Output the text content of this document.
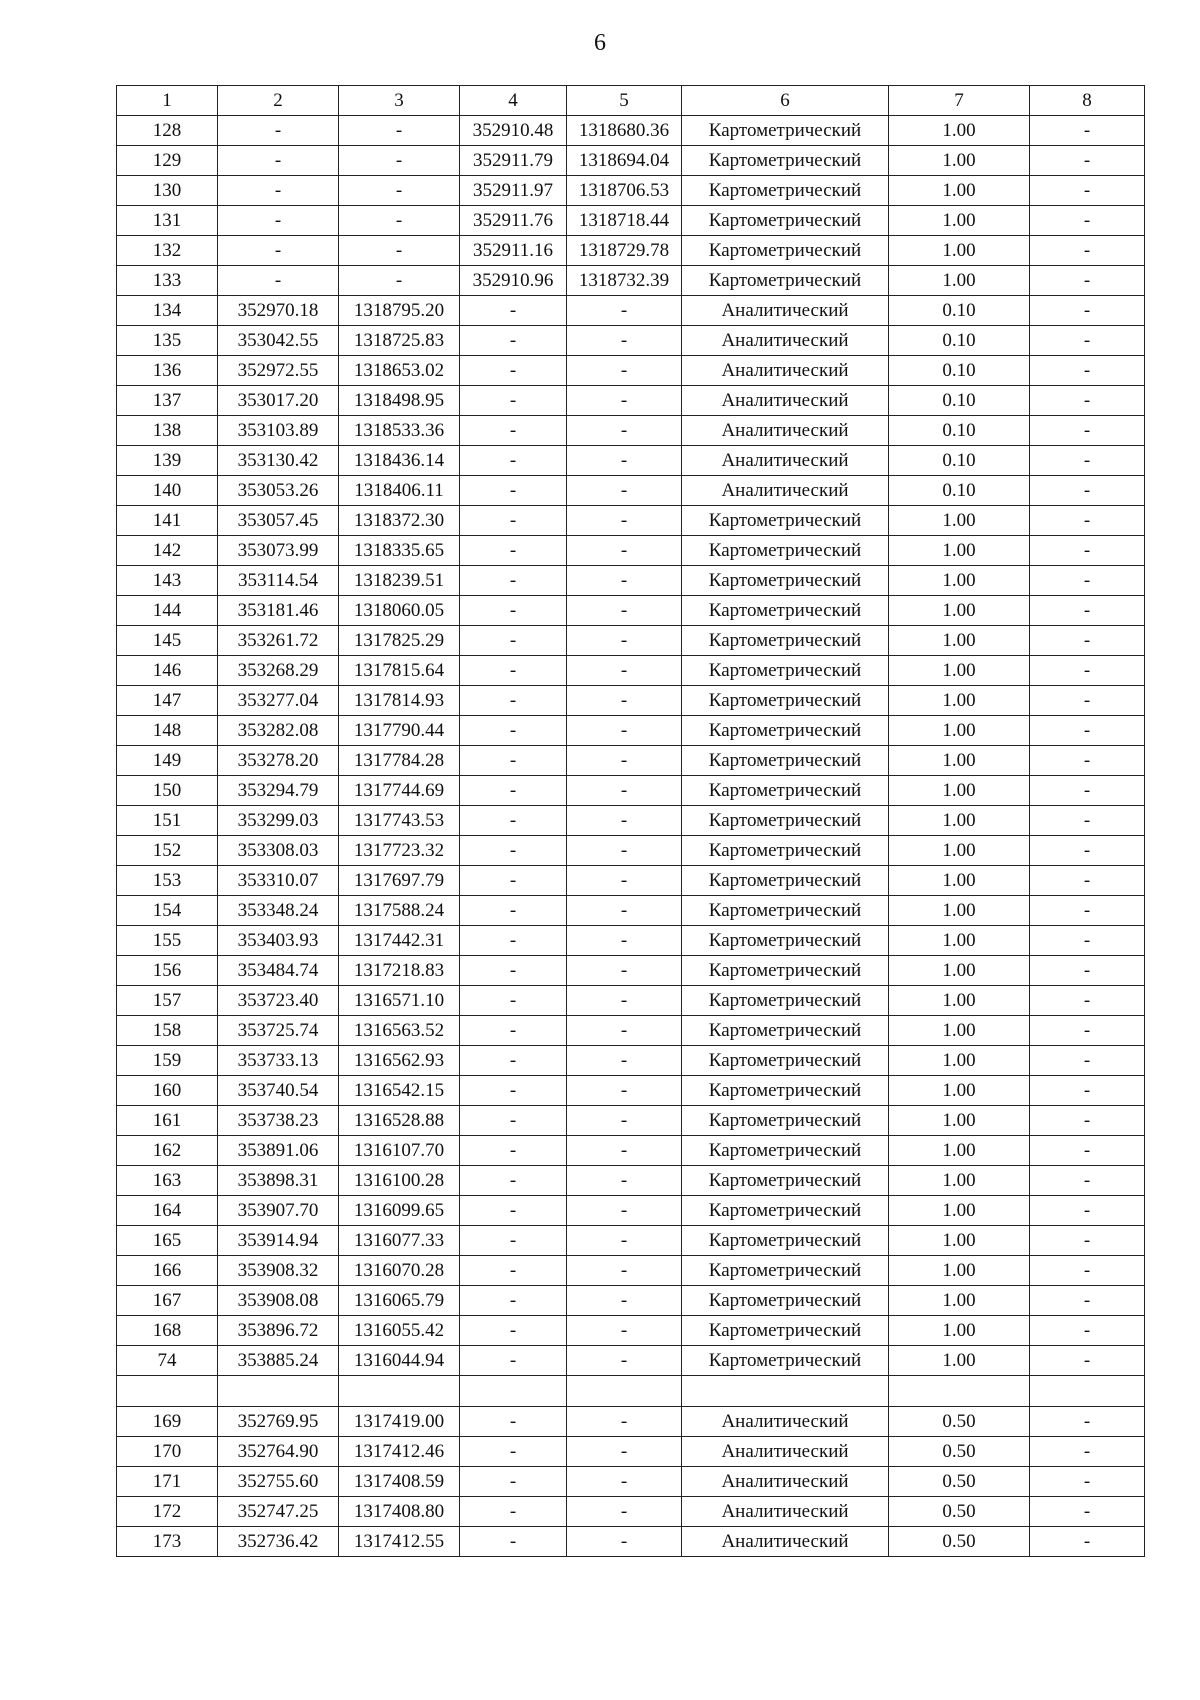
6
1	2	3	4	5	6	7	8
128	-	-	352910.48	1318680.36	Картометрический	1.00	-
129	-	-	352911.79	1318694.04	Картометрический	1.00	-
130	-	-	352911.97	1318706.53	Картометрический	1.00	-
131	-	-	352911.76	1318718.44	Картометрический	1.00	-
132	-	-	352911.16	1318729.78	Картометрический	1.00	-
133	-	-	352910.96	1318732.39	Картометрический	1.00	-
134	352970.18	1318795.20	-	-	Аналитический	0.10	-
135	353042.55	1318725.83	-	-	Аналитический	0.10	-
136	352972.55	1318653.02	-	-	Аналитический	0.10	-
137	353017.20	1318498.95	-	-	Аналитический	0.10	-
138	353103.89	1318533.36	-	-	Аналитический	0.10	-
139	353130.42	1318436.14	-	-	Аналитический	0.10	-
140	353053.26	1318406.11	-	-	Аналитический	0.10	-
141	353057.45	1318372.30	-	-	Картометрический	1.00	-
142	353073.99	1318335.65	-	-	Картометрический	1.00	-
143	353114.54	1318239.51	-	-	Картометрический	1.00	-
144	353181.46	1318060.05	-	-	Картометрический	1.00	-
145	353261.72	1317825.29	-	-	Картометрический	1.00	-
146	353268.29	1317815.64	-	-	Картометрический	1.00	-
147	353277.04	1317814.93	-	-	Картометрический	1.00	-
148	353282.08	1317790.44	-	-	Картометрический	1.00	-
149	353278.20	1317784.28	-	-	Картометрический	1.00	-
150	353294.79	1317744.69	-	-	Картометрический	1.00	-
151	353299.03	1317743.53	-	-	Картометрический	1.00	-
152	353308.03	1317723.32	-	-	Картометрический	1.00	-
153	353310.07	1317697.79	-	-	Картометрический	1.00	-
154	353348.24	1317588.24	-	-	Картометрический	1.00	-
155	353403.93	1317442.31	-	-	Картометрический	1.00	-
156	353484.74	1317218.83	-	-	Картометрический	1.00	-
157	353723.40	1316571.10	-	-	Картометрический	1.00	-
158	353725.74	1316563.52	-	-	Картометрический	1.00	-
159	353733.13	1316562.93	-	-	Картометрический	1.00	-
160	353740.54	1316542.15	-	-	Картометрический	1.00	-
161	353738.23	1316528.88	-	-	Картометрический	1.00	-
162	353891.06	1316107.70	-	-	Картометрический	1.00	-
163	353898.31	1316100.28	-	-	Картометрический	1.00	-
164	353907.70	1316099.65	-	-	Картометрический	1.00	-
165	353914.94	1316077.33	-	-	Картометрический	1.00	-
166	353908.32	1316070.28	-	-	Картометрический	1.00	-
167	353908.08	1316065.79	-	-	Картометрический	1.00	-
168	353896.72	1316055.42	-	-	Картометрический	1.00	-
74	353885.24	1316044.94	-	-	Картометрический	1.00	-

169	352769.95	1317419.00	-	-	Аналитический	0.50	-
170	352764.90	1317412.46	-	-	Аналитический	0.50	-
171	352755.60	1317408.59	-	-	Аналитический	0.50	-
172	352747.25	1317408.80	-	-	Аналитический	0.50	-
173	352736.42	1317412.55	-	-	Аналитический	0.50	-
